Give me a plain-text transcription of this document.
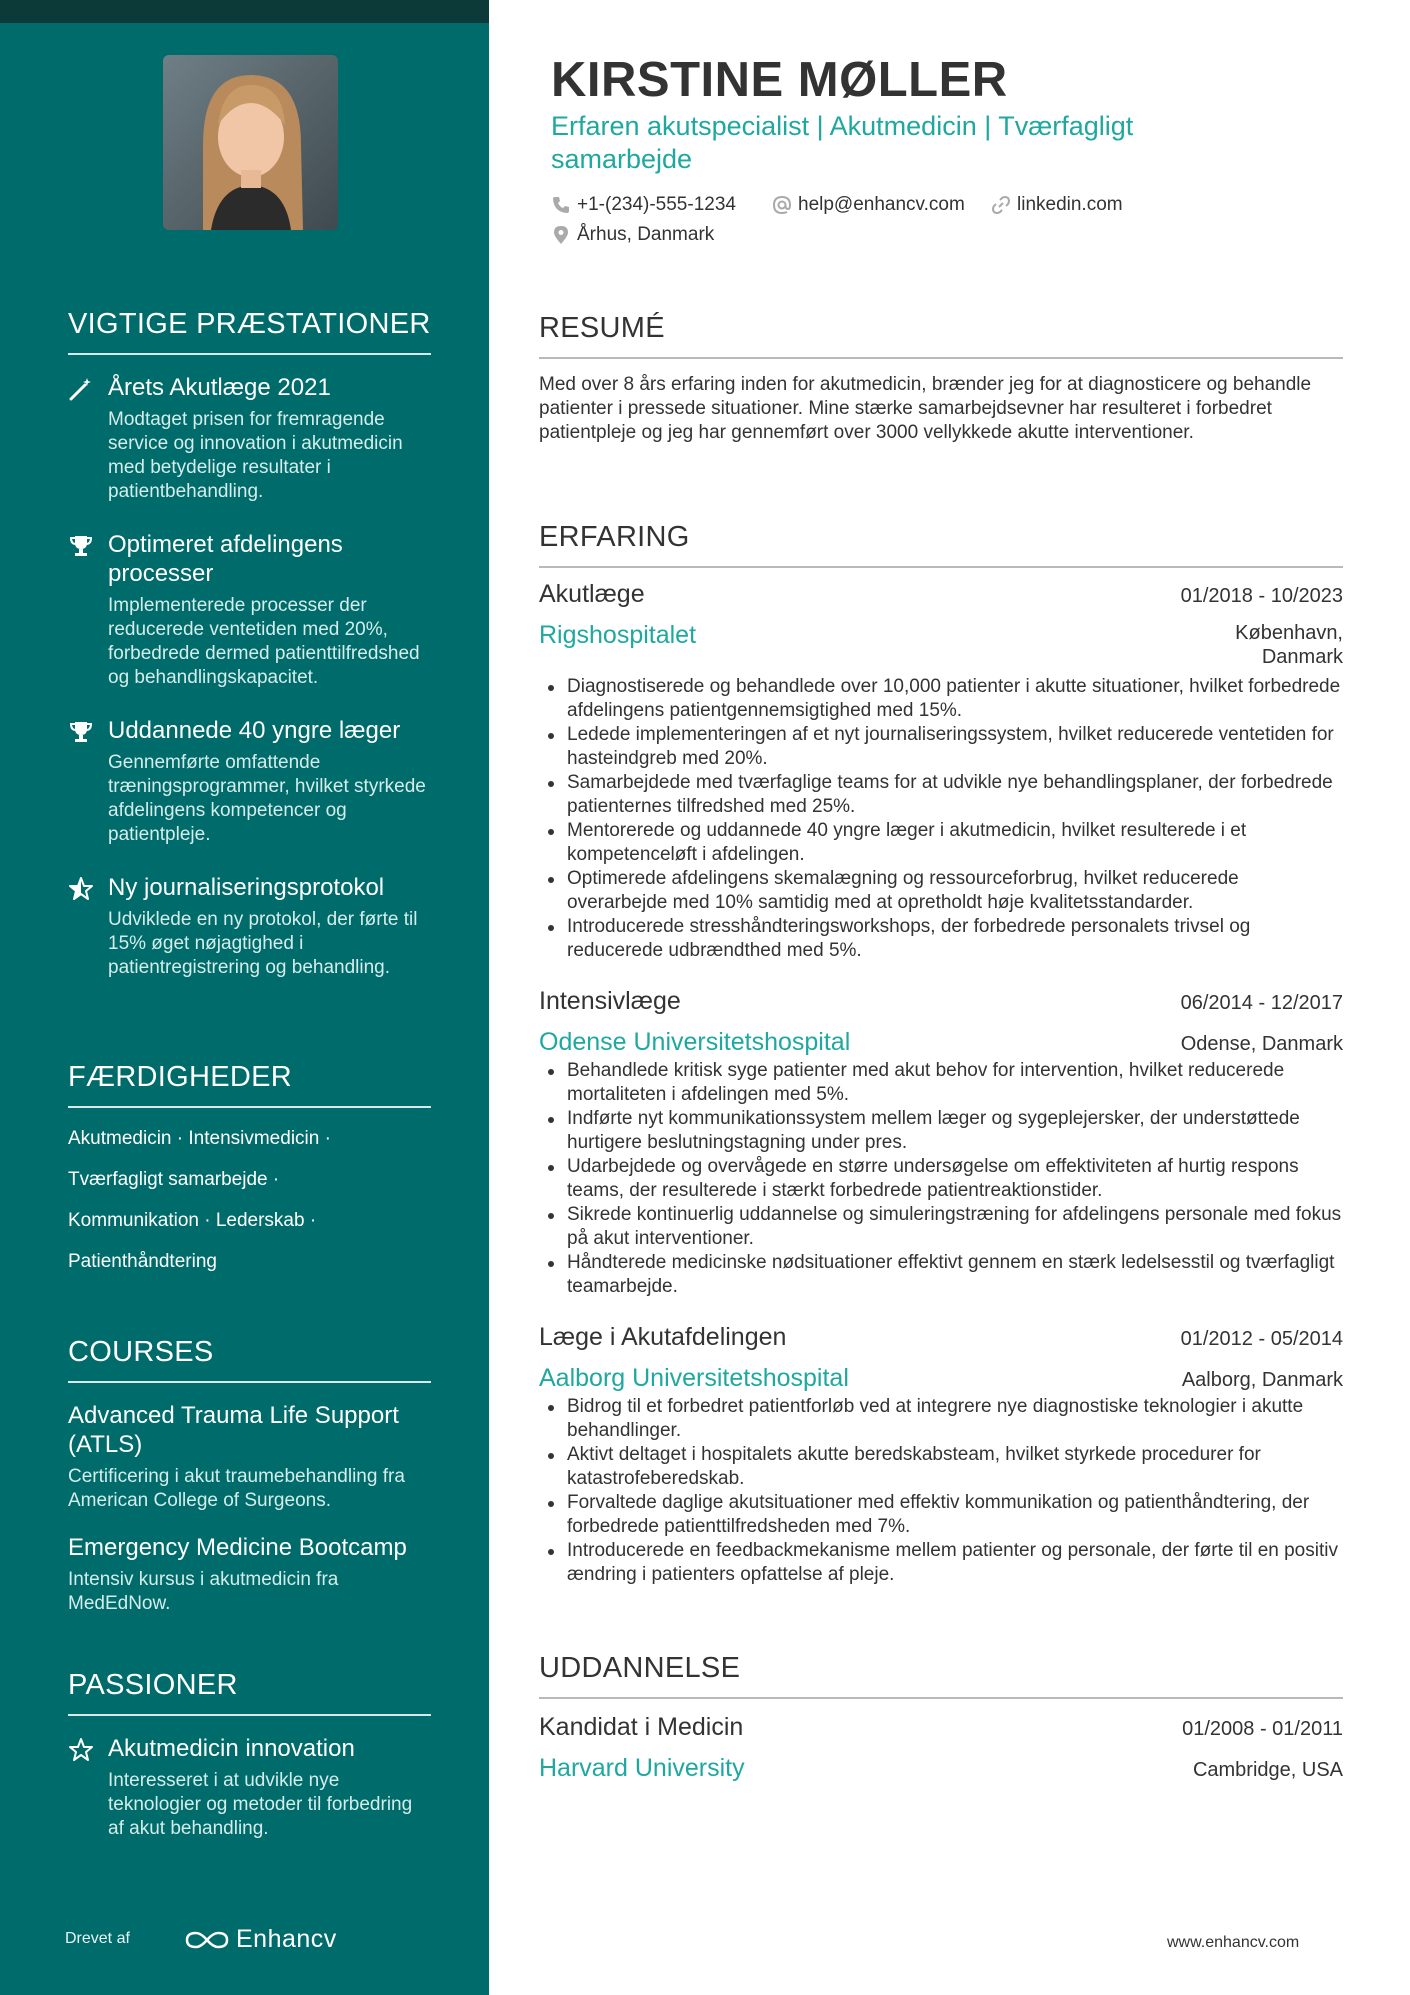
VIGTIGE PRÆSTATIONER
Årets Akutlæge 2021
Modtaget prisen for fremragende service og innovation i akutmedicin med betydelige resultater i patientbehandling.
Optimeret afdelingens processer
Implementerede processer der reducerede ventetiden med 20%, forbedrede dermed patienttilfredshed og behandlingskapacitet.
Uddannede 40 yngre læger
Gennemførte omfattende træningsprogrammer, hvilket styrkede afdelingens kompetencer og patientpleje.
Ny journaliseringsprotokol
Udviklede en ny protokol, der førte til 15% øget nøjagtighed i patientregistrering og behandling.
FÆRDIGHEDER
Akutmedicin · Intensivmedicin ·
Tværfagligt samarbejde ·
Kommunikation · Lederskab ·
Patienthåndtering
COURSES
Advanced Trauma Life Support (ATLS)
Certificering i akut traumebehandling fra American College of Surgeons.
Emergency Medicine Bootcamp
Intensiv kursus i akutmedicin fra MedEdNow.
PASSIONER
Akutmedicin innovation
Interesseret i at udvikle nye teknologier og metoder til forbedring af akut behandling.
Drevet af	Enhancv
KIRSTINE MØLLER
Erfaren akutspecialist | Akutmedicin | Tværfagligt samarbejde
+1-(234)-555-1234	help@enhancv.com	linkedin.com
Århus, Danmark
RESUMÉ

Med over 8 års erfaring inden for akutmedicin, brænder jeg for at diagnosticere og behandle patienter i pressede situationer. Mine stærke samarbejdsevner har resulteret i forbedret patientpleje og jeg har gennemført over 3000 vellykkede akutte interventioner.

ERFARING
Akutlæge	01/2018 - 10/2023
Rigshospitalet	København,
Danmark
Diagnostiserede og behandlede over 10,000 patienter i akutte situationer, hvilket forbedrede afdelingens patientgennemsigtighed med 15%.
Ledede implementeringen af et nyt journaliseringssystem, hvilket reducerede ventetiden for hasteindgreb med 20%.
Samarbejdede med tværfaglige teams for at udvikle nye behandlingsplaner, der forbedrede patienternes tilfredshed med 25%.
Mentorerede og uddannede 40 yngre læger i akutmedicin, hvilket resulterede i et kompetenceløft i afdelingen.
Optimerede afdelingens skemalægning og ressourceforbrug, hvilket reducerede overarbejde med 10% samtidig med at opretholdt høje kvalitetsstandarder.
Introducerede stresshåndteringsworkshops, der forbedrede personalets trivsel og reducerede udbrændthed med 5%.
Intensivlæge	06/2014 - 12/2017
Odense Universitetshospital	Odense, Danmark
Behandlede kritisk syge patienter med akut behov for intervention, hvilket reducerede mortaliteten i afdelingen med 5%.
Indførte nyt kommunikationssystem mellem læger og sygeplejersker, der understøttede hurtigere beslutningstagning under pres.
Udarbejdede og overvågede en større undersøgelse om effektiviteten af hurtig respons teams, der resulterede i stærkt forbedrede patientreaktionstider.
Sikrede kontinuerlig uddannelse og simuleringstræning for afdelingens personale med fokus på akut interventioner.
Håndterede medicinske nødsituationer effektivt gennem en stærk ledelsesstil og tværfagligt teamarbejde.
Læge i Akutafdelingen	01/2012 - 05/2014
Aalborg Universitetshospital	Aalborg, Danmark
Bidrog til et forbedret patientforløb ved at integrere nye diagnostiske teknologier i akutte behandlinger.
Aktivt deltaget i hospitalets akutte beredskabsteam, hvilket styrkede procedurer for katastrofeberedskab.
Forvaltede daglige akutsituationer med effektiv kommunikation og patienthåndtering, der forbedrede patienttilfredsheden med 7%.
Introducerede en feedbackmekanisme mellem patienter og personale, der førte til en positiv ændring i patienters opfattelse af pleje.
UDDANNELSE
Kandidat i Medicin	01/2008 - 01/2011
Harvard University	Cambridge, USA
www.enhancv.com
